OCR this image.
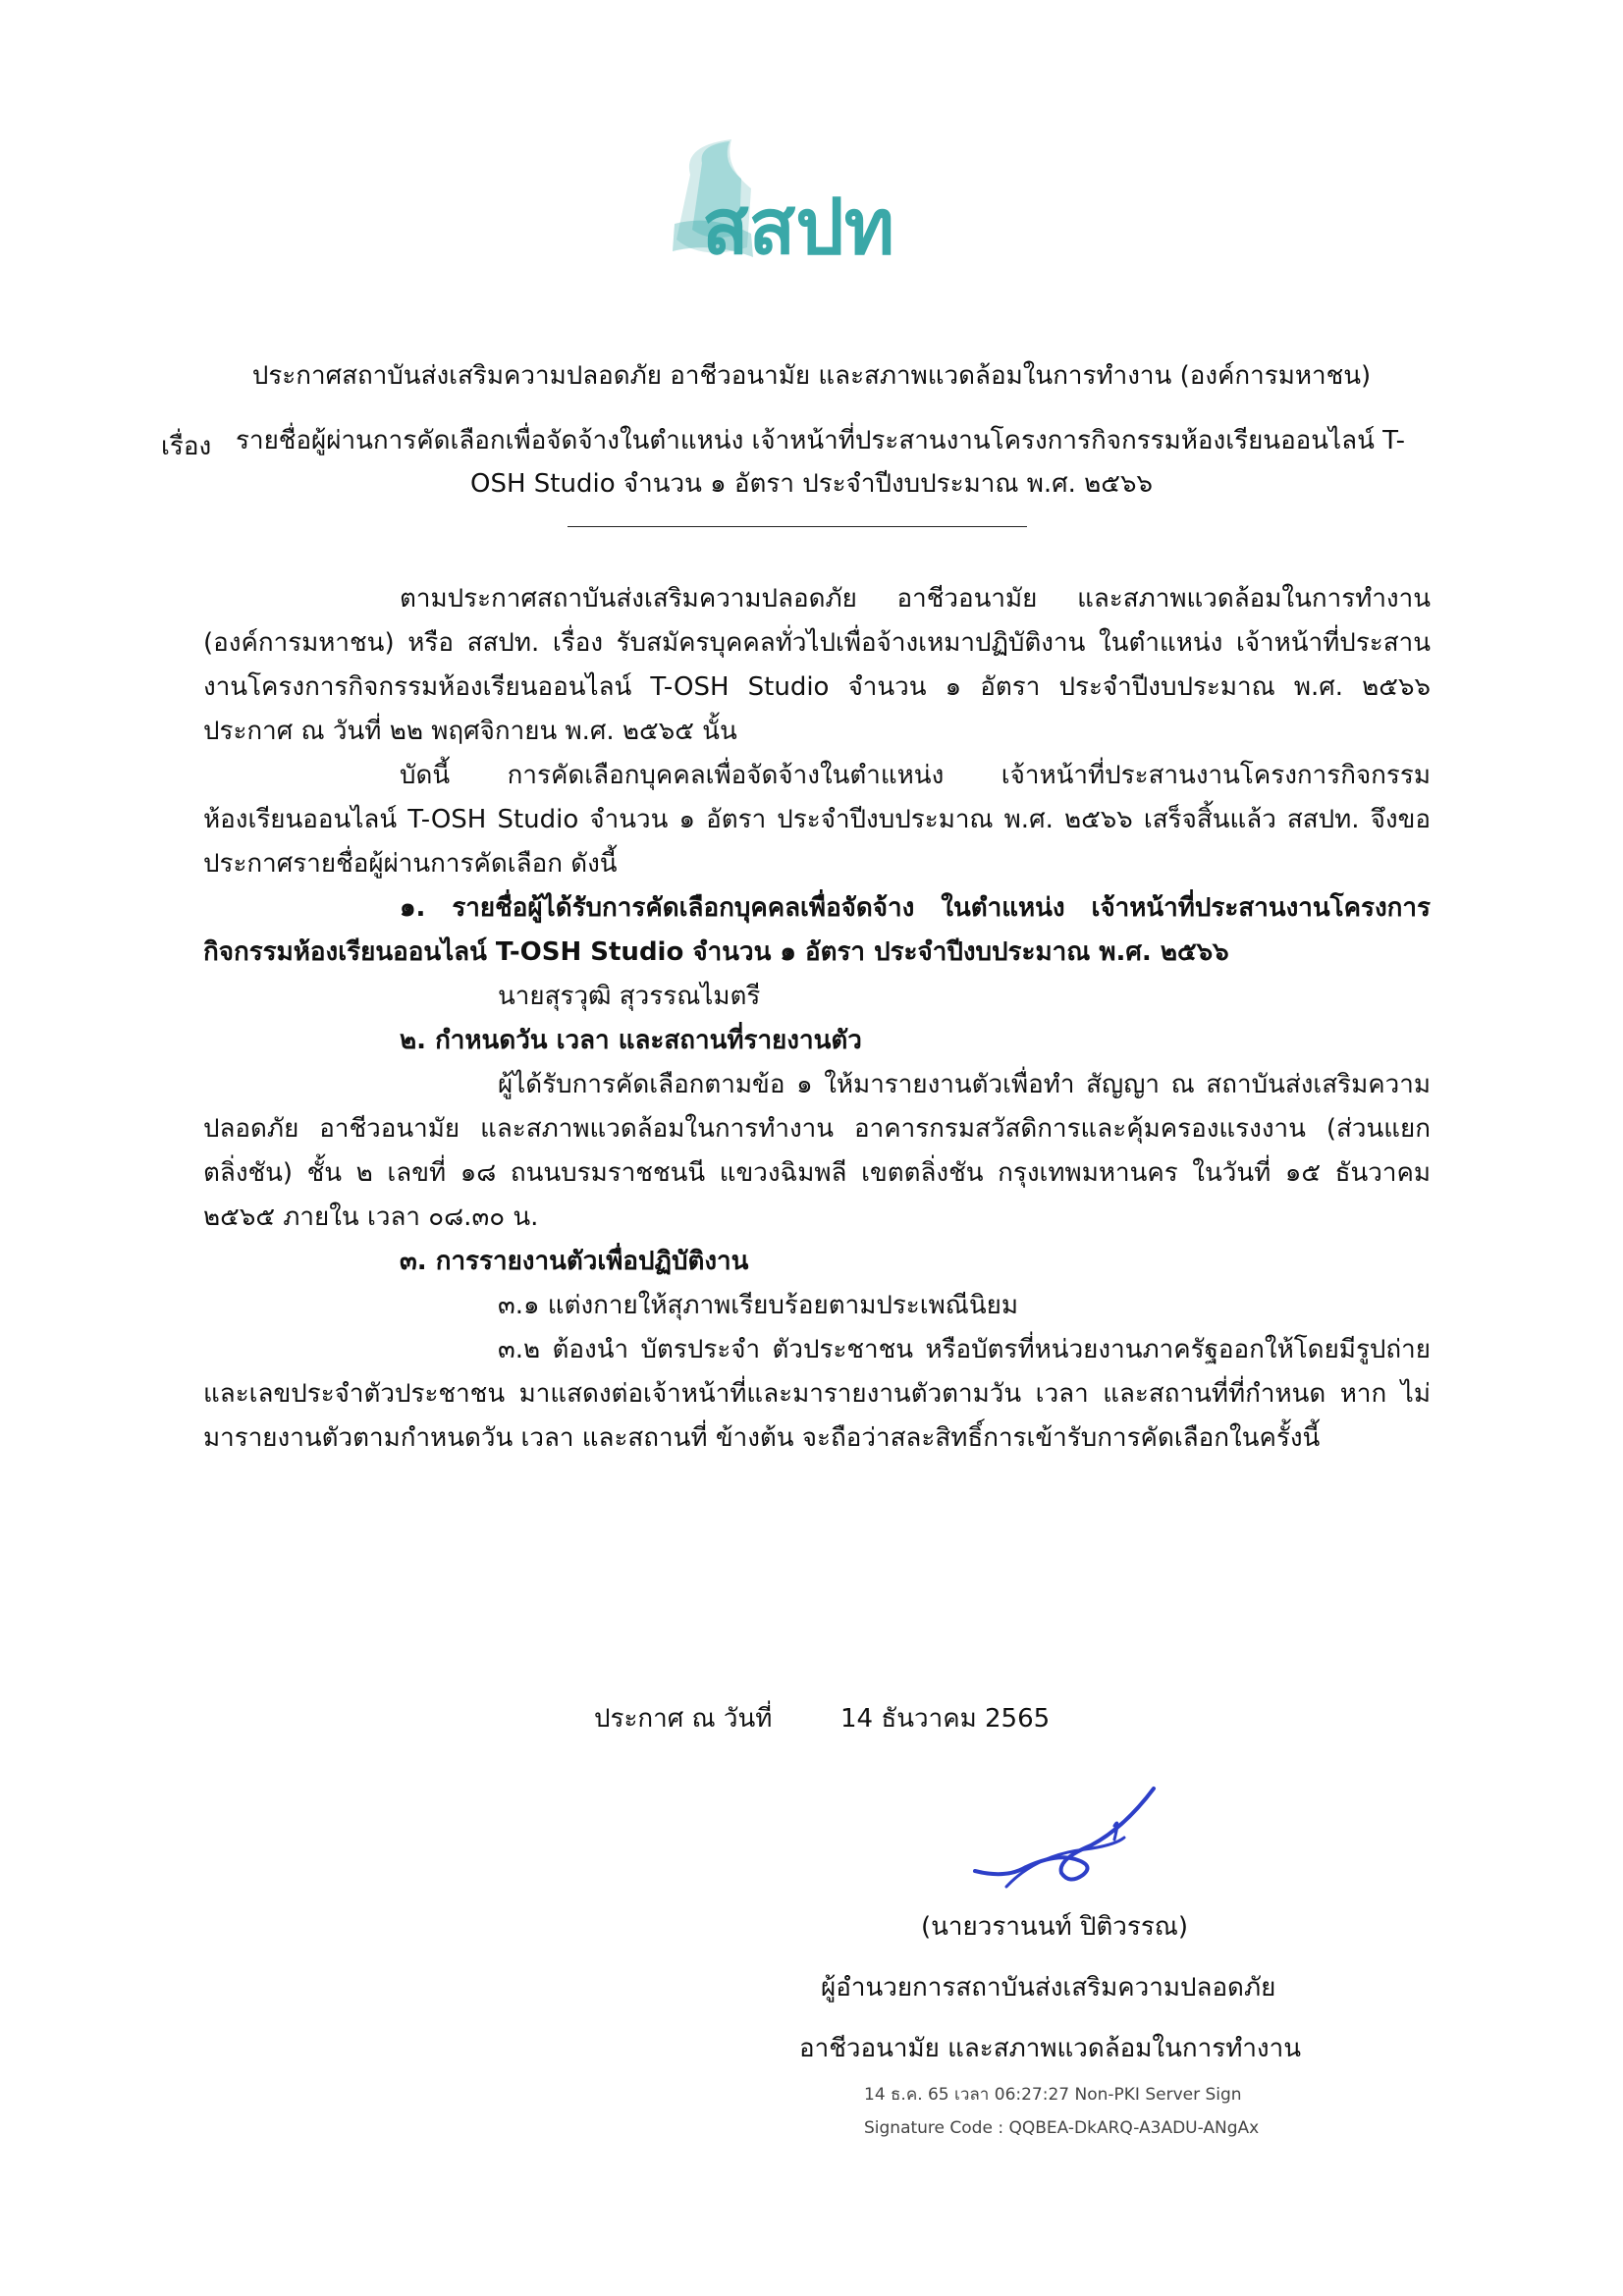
สสปท
ประกาศสถาบันส่งเสริมความปลอดภัย อาชีวอนามัย และสภาพแวดล้อมในการทำงาน (องค์การมหาชน)
เรื่อง รายชื่อผู้ผ่านการคัดเลือกเพื่อจัดจ้างในตำแหน่ง เจ้าหน้าที่ประสานงานโครงการกิจกรรมห้องเรียนออนไลน์ T-
OSH Studio จำนวน ๑ อัตรา ประจำปีงบประมาณ พ.ศ. ๒๕๖๖

ตามประกาศสถาบันส่งเสริมความปลอดภัย อาชีวอนามัย และสภาพแวดล้อมในการทำงาน (องค์การมหาชน) หรือ สสปท. เรื่อง รับสมัครบุคคลทั่วไปเพื่อจ้างเหมาปฏิบัติงาน ในตำแหน่ง เจ้าหน้าที่ประสานงานโครงการกิจกรรมห้องเรียนออนไลน์ T-OSH Studio จำนวน ๑ อัตรา ประจำปีงบประมาณ พ.ศ. ๒๕๖๖ ประกาศ ณ วันที่ ๒๒ พฤศจิกายน พ.ศ. ๒๕๖๕ นั้น

บัดนี้ การคัดเลือกบุคคลเพื่อจัดจ้างในตำแหน่ง เจ้าหน้าที่ประสานงานโครงการกิจกรรมห้องเรียนออนไลน์ T-OSH Studio จำนวน ๑ อัตรา ประจำปีงบประมาณ พ.ศ. ๒๕๖๖ เสร็จสิ้นแล้ว สสปท. จึงขอประกาศรายชื่อผู้ผ่านการคัดเลือก ดังนี้

๑. รายชื่อผู้ได้รับการคัดเลือกบุคคลเพื่อจัดจ้าง ในตำแหน่ง เจ้าหน้าที่ประสานงานโครงการกิจกรรมห้องเรียนออนไลน์ T-OSH Studio จำนวน ๑ อัตรา ประจำปีงบประมาณ พ.ศ. ๒๕๖๖

นายสุรวุฒิ สุวรรณไมตรี

๒. กำหนดวัน เวลา และสถานที่รายงานตัว

ผู้ได้รับการคัดเลือกตามข้อ ๑ ให้มารายงานตัวเพื่อทำ สัญญา ณ สถาบันส่งเสริมความปลอดภัย อาชีวอนามัย และสภาพแวดล้อมในการทำงาน อาคารกรมสวัสดิการและคุ้มครองแรงงาน (ส่วนแยกตลิ่งชัน) ชั้น ๒ เลขที่ ๑๘ ถนนบรมราชชนนี แขวงฉิมพลี เขตตลิ่งชัน กรุงเทพมหานคร ในวันที่ ๑๕ ธันวาคม ๒๕๖๕ ภายใน เวลา ๐๘.๓๐ น.

๓. การรายงานตัวเพื่อปฏิบัติงาน

๓.๑ แต่งกายให้สุภาพเรียบร้อยตามประเพณีนิยม

๓.๒ ต้องนำ บัตรประจำ ตัวประชาชน หรือบัตรที่หน่วยงานภาครัฐออกให้โดยมีรูปถ่าย และเลขประจำตัวประชาชน มาแสดงต่อเจ้าหน้าที่และมารายงานตัวตามวัน เวลา และสถานที่ที่กำหนด หาก ไม่มารายงานตัวตามกำหนดวัน เวลา และสถานที่ ข้างต้น จะถือว่าสละสิทธิ์การเข้ารับการคัดเลือกในครั้งนี้

ประกาศ ณ วันที่	14 ธันวาคม 2565
(นายวรานนท์ ปิติวรรณ)
ผู้อำนวยการสถาบันส่งเสริมความปลอดภัย
อาชีวอนามัย และสภาพแวดล้อมในการทำงาน
14 ธ.ค. 65 เวลา 06:27:27 Non-PKI Server Sign
Signature Code : QQBEA-DkARQ-A3ADU-ANgAx
